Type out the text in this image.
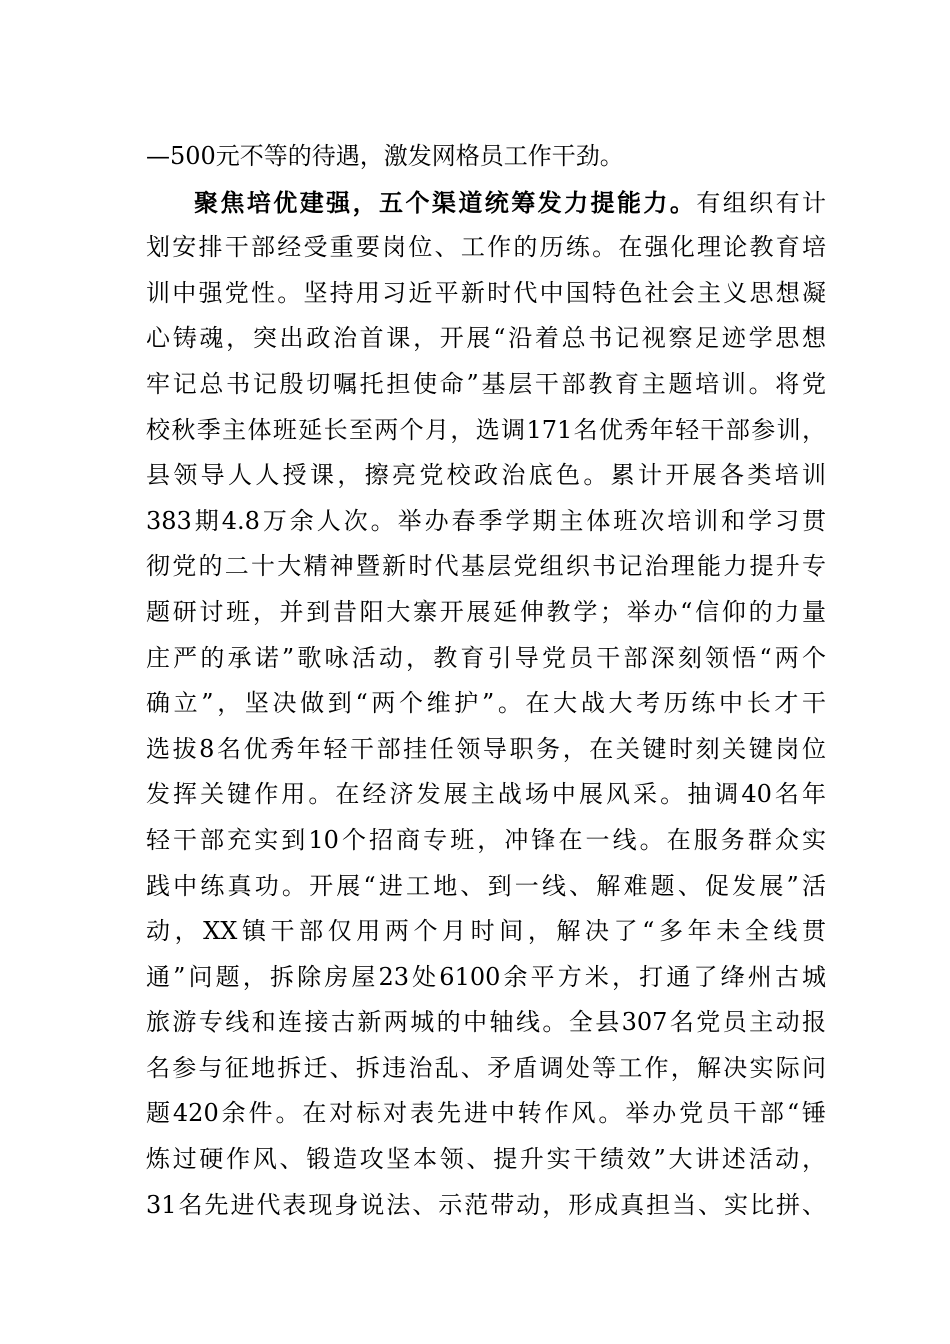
—500元不等的待遇，激发网格员工作干劲。
聚焦培优建强，五个渠道统筹发力提能力。有组织有计
划安排干部经受重要岗位、工作的历练。在强化理论教育培
训中强党性。坚持用习近平新时代中国特色社会主义思想凝
心铸魂，突出政治首课，开展“沿着总书记视察足迹学思想
牢记总书记殷切嘱托担使命”基层干部教育主题培训。将党
校秋季主体班延长至两个月，选调171名优秀年轻干部参训，
县领导人人授课，擦亮党校政治底色。累计开展各类培训
383期4.8万余人次。举办春季学期主体班次培训和学习贯
彻党的二十大精神暨新时代基层党组织书记治理能力提升专
题研讨班，并到昔阳大寨开展延伸教学；举办“信仰的力量
庄严的承诺”歌咏活动，教育引导党员干部深刻领悟“两个
确立”，坚决做到“两个维护”。在大战大考历练中长才干
选拔8名优秀年轻干部挂任领导职务，在关键时刻关键岗位
发挥关键作用。在经济发展主战场中展风采。抽调40名年
轻干部充实到10个招商专班，冲锋在一线。在服务群众实
践中练真功。开展“进工地、到一线、解难题、促发展”活
动，XX镇干部仅用两个月时间，解决了“多年未全线贯
通”问题，拆除房屋23处6100余平方米，打通了绛州古城
旅游专线和连接古新两城的中轴线。全县307名党员主动报
名参与征地拆迁、拆违治乱、矛盾调处等工作，解决实际问
题420余件。在对标对表先进中转作风。举办党员干部“锤
炼过硬作风、锻造攻坚本领、提升实干绩效”大讲述活动，
31名先进代表现身说法、示范带动，形成真担当、实比拼、
